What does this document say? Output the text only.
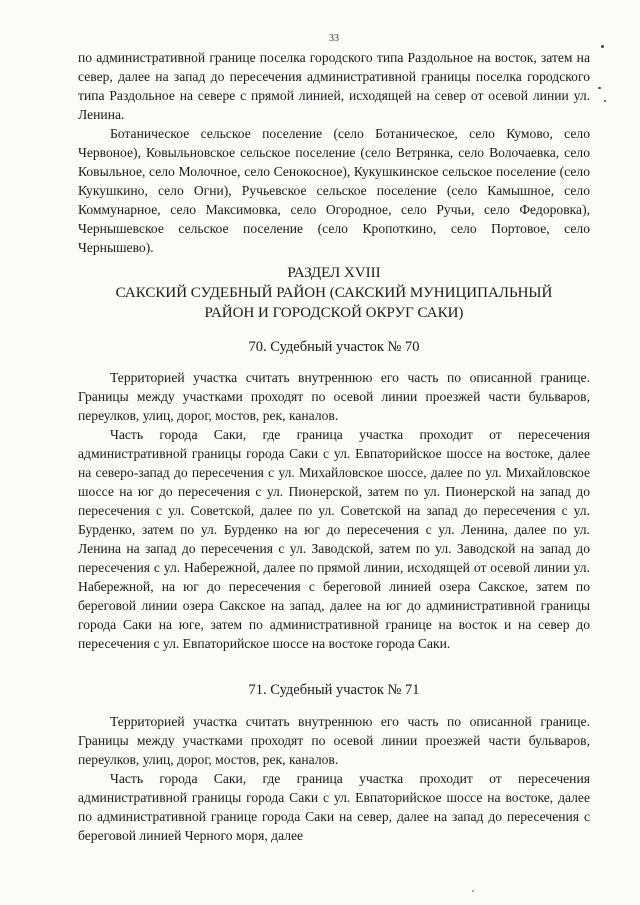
33

по административной границе поселка городского типа Раздольное на восток, затем на север, далее на запад до пересечения административной границы поселка городского типа Раздольное на севере с прямой линией, исходящей на север от осевой линии ул. Ленина.

Ботаническое сельское поселение (село Ботаническое, село Кумово, село Червоное), Ковыльновское сельское поселение (село Ветрянка, село Волочаевка, село Ковыльное, село Молочное, село Сенокосное), Кукушкинское сельское поселение (село Кукушкино, село Огни), Ручьевское сельское поселение (село Камышное, село Коммунарное, село Максимовка, село Огородное, село Ручьи, село Федоровка), Чернышевское сельское поселение (село Кропоткино, село Портовое, село Чернышево).

РАЗДЕЛ XVIII
САКСКИЙ СУДЕБНЫЙ РАЙОН (САКСКИЙ МУНИЦИПАЛЬНЫЙ
РАЙОН И ГОРОДСКОЙ ОКРУГ САКИ)
70. Судебный участок № 70

Территорией участка считать внутреннюю его часть по описанной границе. Границы между участками проходят по осевой линии проезжей части бульваров, переулков, улиц, дорог, мостов, рек, каналов.

Часть города Саки, где граница участка проходит от пересечения административной границы города Саки с ул. Евпаторийское шоссе на востоке, далее на северо-запад до пересечения с ул. Михайловское шоссе, далее по ул. Михайловское шоссе на юг до пересечения с ул. Пионерской, затем по ул. Пионерской на запад до пересечения с ул. Советской, далее по ул. Советской на запад до пересечения с ул. Бурденко, затем по ул. Бурденко на юг до пересечения с ул. Ленина, далее по ул. Ленина на запад до пересечения с ул. Заводской, затем по ул. Заводской на запад до пересечения с ул. Набережной, далее по прямой линии, исходящей от осевой линии ул. Набережной, на юг до пересечения с береговой линией озера Сакское, затем по береговой линии озера Сакское на запад, далее на юг до административной границы города Саки на юге, затем по административной границе на восток и на север до пересечения с ул. Евпаторийское шоссе на востоке города Саки.

71. Судебный участок № 71

Территорией участка считать внутреннюю его часть по описанной границе. Границы между участками проходят по осевой линии проезжей части бульваров, переулков, улиц, дорог, мостов, рек, каналов.

Часть города Саки, где граница участка проходит от пересечения административной границы города Саки с ул. Евпаторийское шоссе на востоке, далее по административной границе города Саки на север, далее на запад до пересечения с береговой линией Черного моря, далее
